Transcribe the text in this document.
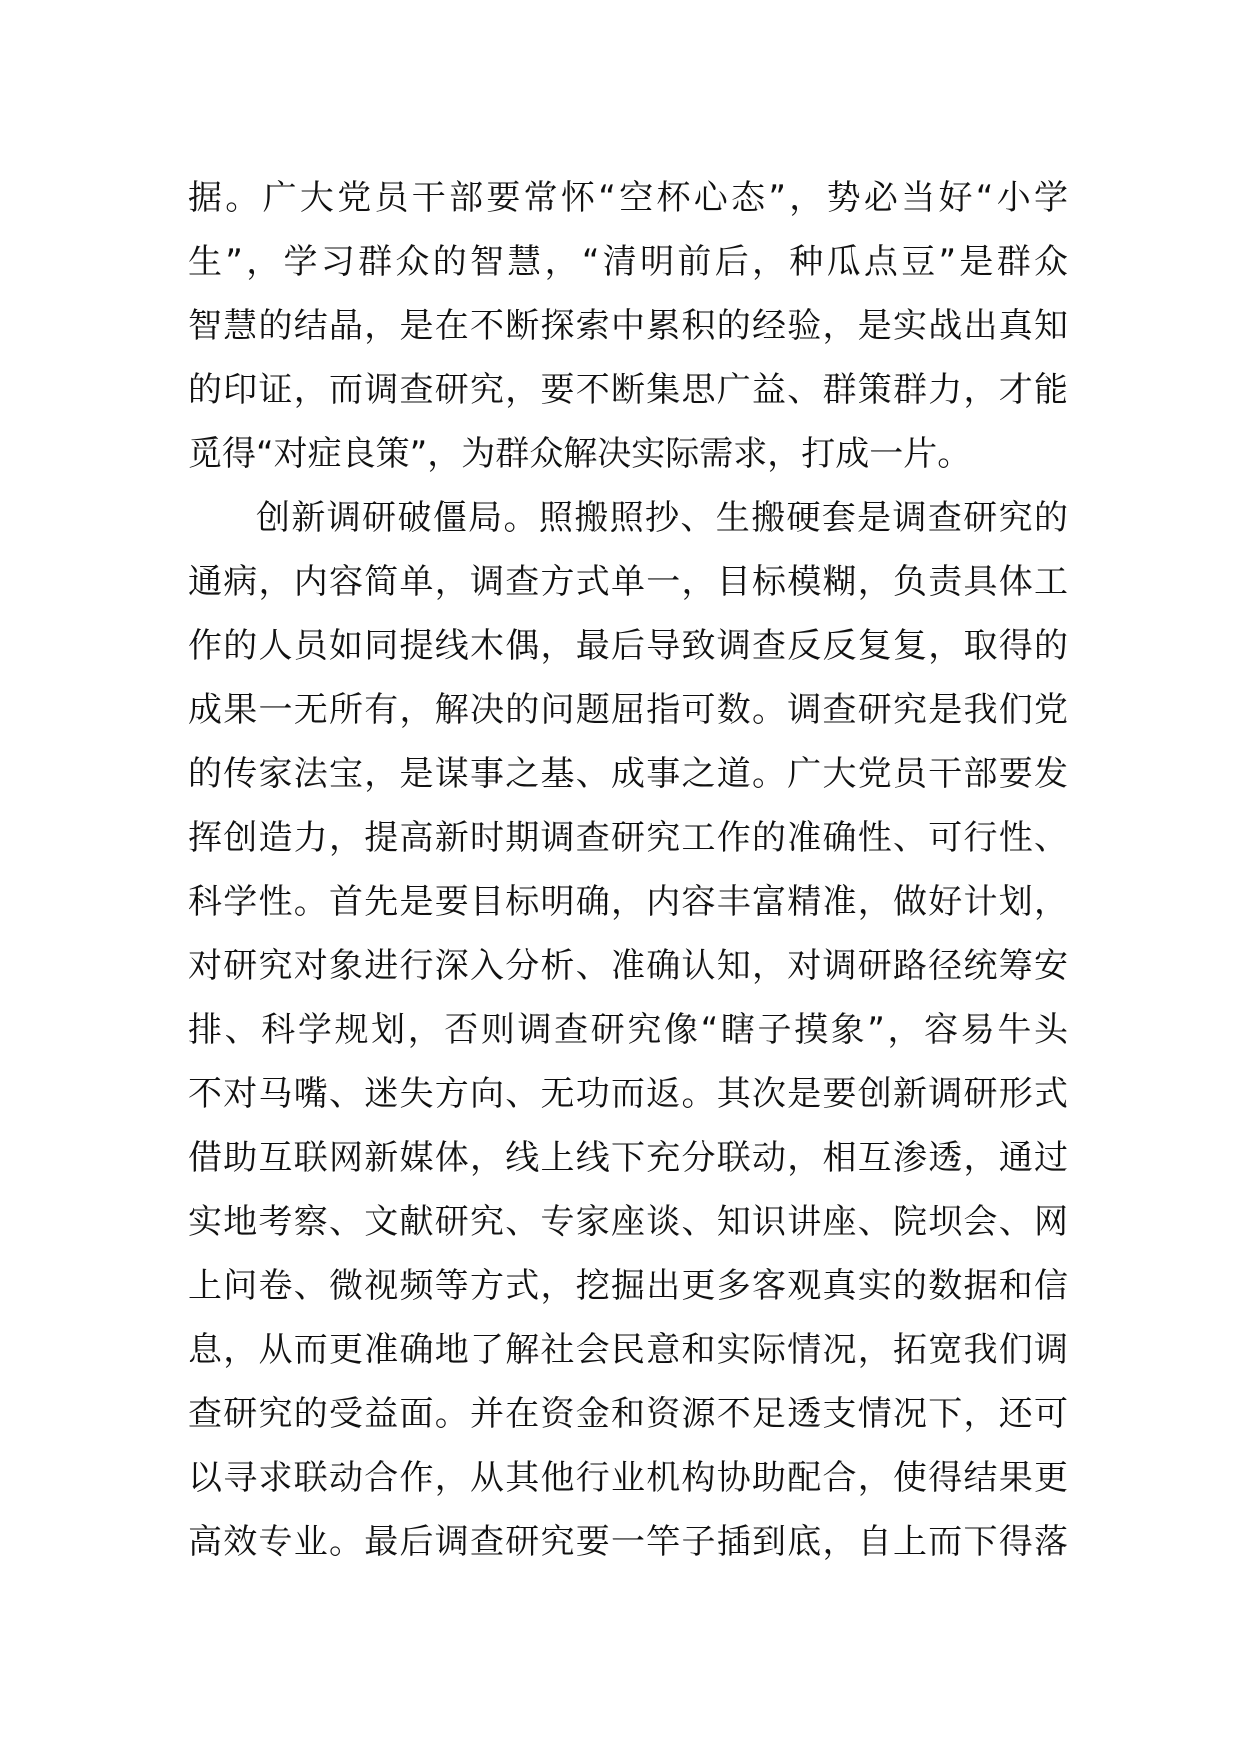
据。广大党员干部要常怀“空杯心态”，势必当好“小学
生”，学习群众的智慧，“清明前后，种瓜点豆”是群众
智慧的结晶，是在不断探索中累积的经验，是实战出真知
的印证，而调查研究，要不断集思广益、群策群力，才能
觅得“对症良策”，为群众解决实际需求，打成一片。
创新调研破僵局。照搬照抄、生搬硬套是调查研究的
通病，内容简单，调查方式单一，目标模糊，负责具体工
作的人员如同提线木偶，最后导致调查反反复复，取得的
成果一无所有，解决的问题屈指可数。调查研究是我们党
的传家法宝，是谋事之基、成事之道。广大党员干部要发
挥创造力，提高新时期调查研究工作的准确性、可行性、
科学性。首先是要目标明确，内容丰富精准，做好计划，
对研究对象进行深入分析、准确认知，对调研路径统筹安
排、科学规划，否则调查研究像“瞎子摸象”，容易牛头
不对马嘴、迷失方向、无功而返。其次是要创新调研形式
借助互联网新媒体，线上线下充分联动，相互渗透，通过
实地考察、文献研究、专家座谈、知识讲座、院坝会、网
上问卷、微视频等方式，挖掘出更多客观真实的数据和信
息，从而更准确地了解社会民意和实际情况，拓宽我们调
查研究的受益面。并在资金和资源不足透支情况下，还可
以寻求联动合作，从其他行业机构协助配合，使得结果更
高效专业。最后调查研究要一竿子插到底，自上而下得落
